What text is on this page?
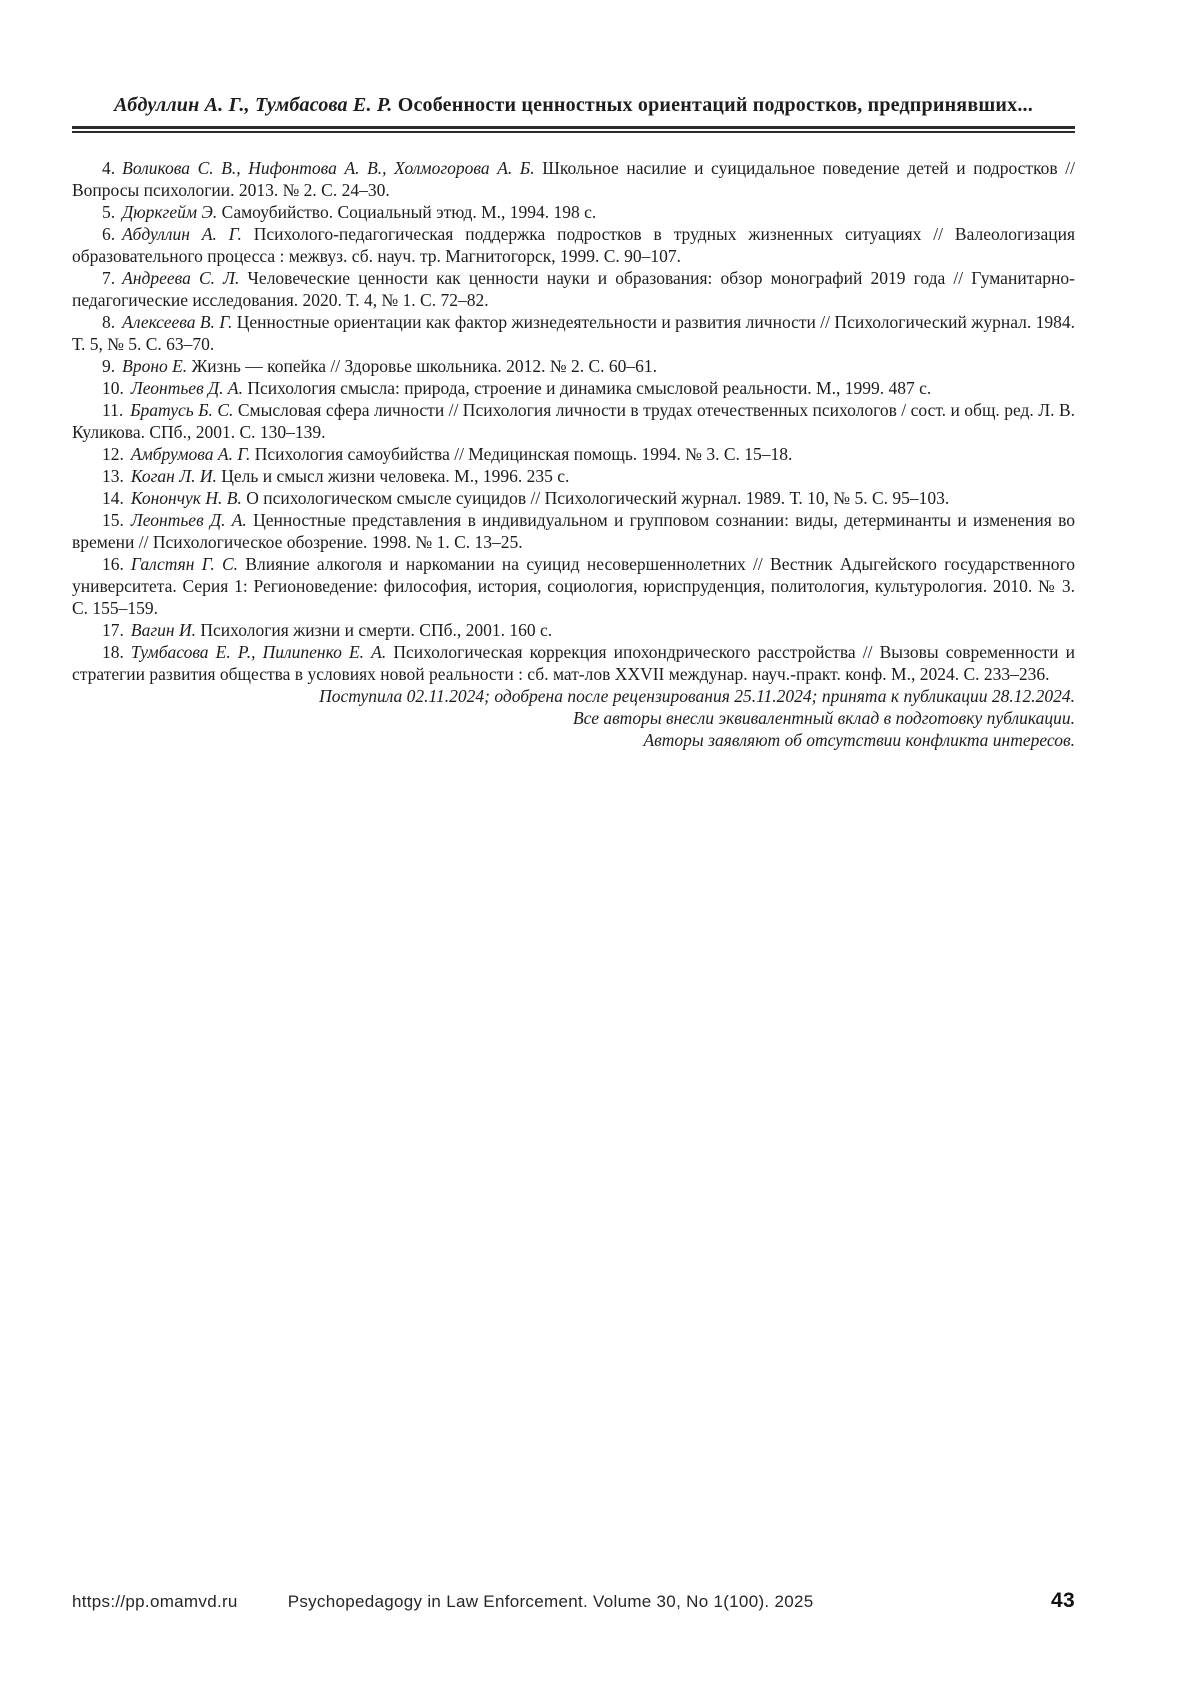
Абдуллин А. Г., Тумбасова Е. Р. Особенности ценностных ориентаций подростков, предпринявших...

4. Воликова С. В., Нифонтова А. В., Холмогорова А. Б. Школьное насилие и суицидальное поведение детей и подростков // Вопросы психологии. 2013. № 2. С. 24–30.

5. Дюркгейм Э. Самоубийство. Социальный этюд. М., 1994. 198 с.

6. Абдуллин А. Г. Психолого-педагогическая поддержка подростков в трудных жизненных ситуациях // Валеологизация образовательного процесса : межвуз. сб. науч. тр. Магнитогорск, 1999. С. 90–107.

7. Андреева С. Л. Человеческие ценности как ценности науки и образования: обзор монографий 2019 года // Гуманитарно-педагогические исследования. 2020. Т. 4, № 1. С. 72–82.

8. Алексеева В. Г. Ценностные ориентации как фактор жизнедеятельности и развития личности // Психологический журнал. 1984. Т. 5, № 5. С. 63–70.

9. Вроно Е. Жизнь — копейка // Здоровье школьника. 2012. № 2. С. 60–61.

10. Леонтьев Д. А. Психология смысла: природа, строение и динамика смысловой реальности. М., 1999. 487 с.

11. Братусь Б. С. Смысловая сфера личности // Психология личности в трудах отечественных психологов / сост. и общ. ред. Л. В. Куликова. СПб., 2001. С. 130–139.

12. Амбрумова А. Г. Психология самоубийства // Медицинская помощь. 1994. № 3. С. 15–18.

13. Коган Л. И. Цель и смысл жизни человека. М., 1996. 235 с.

14. Конончук Н. В. О психологическом смысле суицидов // Психологический журнал. 1989. Т. 10, № 5. С. 95–103.

15. Леонтьев Д. А. Ценностные представления в индивидуальном и групповом сознании: виды, детерминанты и изменения во времени // Психологическое обозрение. 1998. № 1. С. 13–25.

16. Галстян Г. С. Влияние алкоголя и наркомании на суицид несовершеннолетних // Вестник Адыгейского государственного университета. Серия 1: Регионоведение: философия, история, социология, юриспруденция, политология, культурология. 2010. № 3. С. 155–159.

17. Вагин И. Психология жизни и смерти. СПб., 2001. 160 с.

18. Тумбасова Е. Р., Пилипенко Е. А. Психологическая коррекция ипохондрического расстройства // Вызовы современности и стратегии развития общества в условиях новой реальности : сб. мат-лов XXVII междунар. науч.-практ. конф. М., 2024. С. 233–236.

Поступила 02.11.2024; одобрена после рецензирования 25.11.2024; принята к публикации 28.12.2024.

Все авторы внесли эквивалентный вклад в подготовку публикации.

Авторы заявляют об отсутствии конфликта интересов.

https://pp.omamvd.ru	Psychopedagogy in Law Enforcement. Volume 30, No 1(100). 2025	43
